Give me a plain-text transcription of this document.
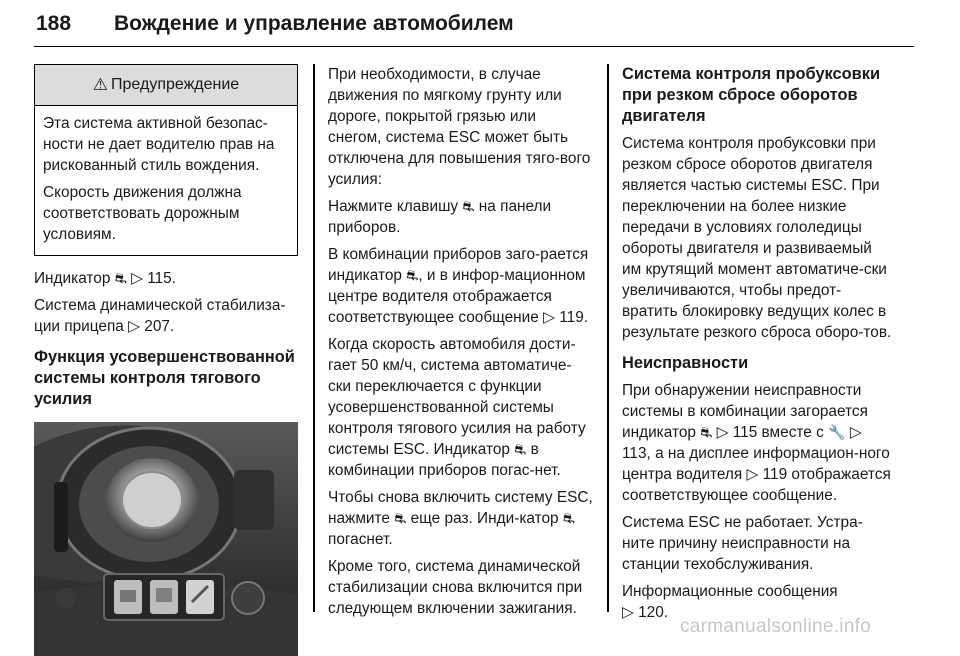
188 Вождение и управление автомобилем
⚠ Предупреждение

Эта система активной безопас-ности не дает водителю прав на рискованный стиль вождения.

Скорость движения должна соответствовать дорожным условиям.

Индикатор ⛐ ▷ 115.

Система динамической стабилиза-ции прицепа ▷ 207.

Функция усовершенствованной системы контроля тягового усилия

При необходимости, в случае движения по мягкому грунту или дороге, покрытой грязью или снегом, система ESC может быть отключена для повышения тяго-вого усилия:

Нажмите клавишу ⛐ на панели приборов.

В комбинации приборов заго-рается индикатор ⛐, и в инфор-мационном центре водителя отображается соответствующее сообщение ▷ 119.

Когда скорость автомобиля дости-гает 50 км/ч, система автоматиче-ски переключается с функции усовершенствованной системы контроля тягового усилия на работу системы ESC. Индикатор ⛐ в комбинации приборов погас-нет.

Чтобы снова включить систему ESC, нажмите ⛐ еще раз. Инди-катор ⛐ погаснет.

Кроме того, система динамической стабилизации снова включится при следующем включении зажигания.

Система контроля пробуксовки при резком сбросе оборотов двигателя

Система контроля пробуксовки при резком сбросе оборотов двигателя является частью системы ESC. При переключении на более низкие передачи в условиях гололедицы обороты двигателя и развиваемый им крутящий момент автоматиче-ски увеличиваются, чтобы предот-вратить блокировку ведущих колес в результате резкого сброса оборо-тов.

Неисправности

При обнаружении неисправности системы в комбинации загорается индикатор ⛐ ▷ 115 вместе с 🔧 ▷ 113, а на дисплее информацион-ного центра водителя ▷ 119 отображается соответствующее сообщение.

Система ESC не работает. Устра-ните причину неисправности на станции техобслуживания.

Информационные сообщения
▷ 120.

carmanualsonline.info
